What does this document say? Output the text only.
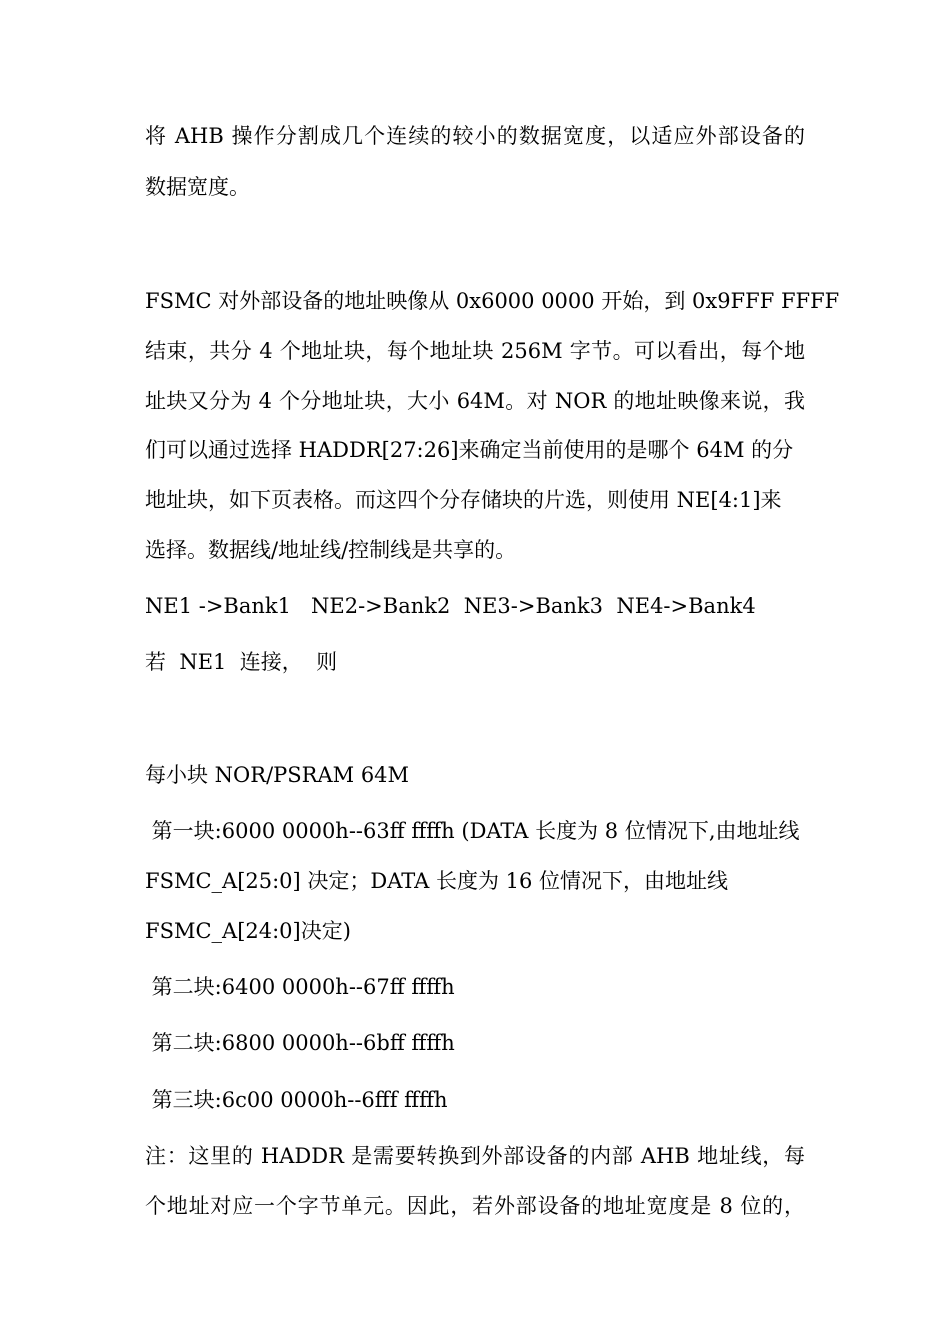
将 AHB 操作分割成几个连续的较小的数据宽度，以适应外部设备的
数据宽度。
FSMC 对外部设备的地址映像从 0x6000 0000 开始，到 0x9FFF FFFF
结束，共分 4 个地址块，每个地址块 256M 字节。可以看出，每个地
址块又分为 4 个分地址块，大小 64M。对 NOR 的地址映像来说，我
们可以通过选择 HADDR[27:26]来确定当前使用的是哪个 64M 的分
地址块，如下页表格。而这四个分存储块的片选，则使用 NE[4:1]来
选择。数据线/地址线/控制线是共享的。
NE1 ->Bank1   NE2->Bank2  NE3->Bank3  NE4->Bank4
若  NE1  连接，  则
每小块 NOR/PSRAM 64M
第一块:6000 0000h--63ff ffffh (DATA 长度为 8 位情况下,由地址线
FSMC_A[25:0] 决定；DATA 长度为 16 位情况下，由地址线
FSMC_A[24:0]决定)
第二块:6400 0000h--67ff ffffh
第二块:6800 0000h--6bff ffffh
第三块:6c00 0000h--6fff ffffh
注：这里的 HADDR 是需要转换到外部设备的内部 AHB 地址线，每
个地址对应一个字节单元。因此，若外部设备的地址宽度是 8 位的，
